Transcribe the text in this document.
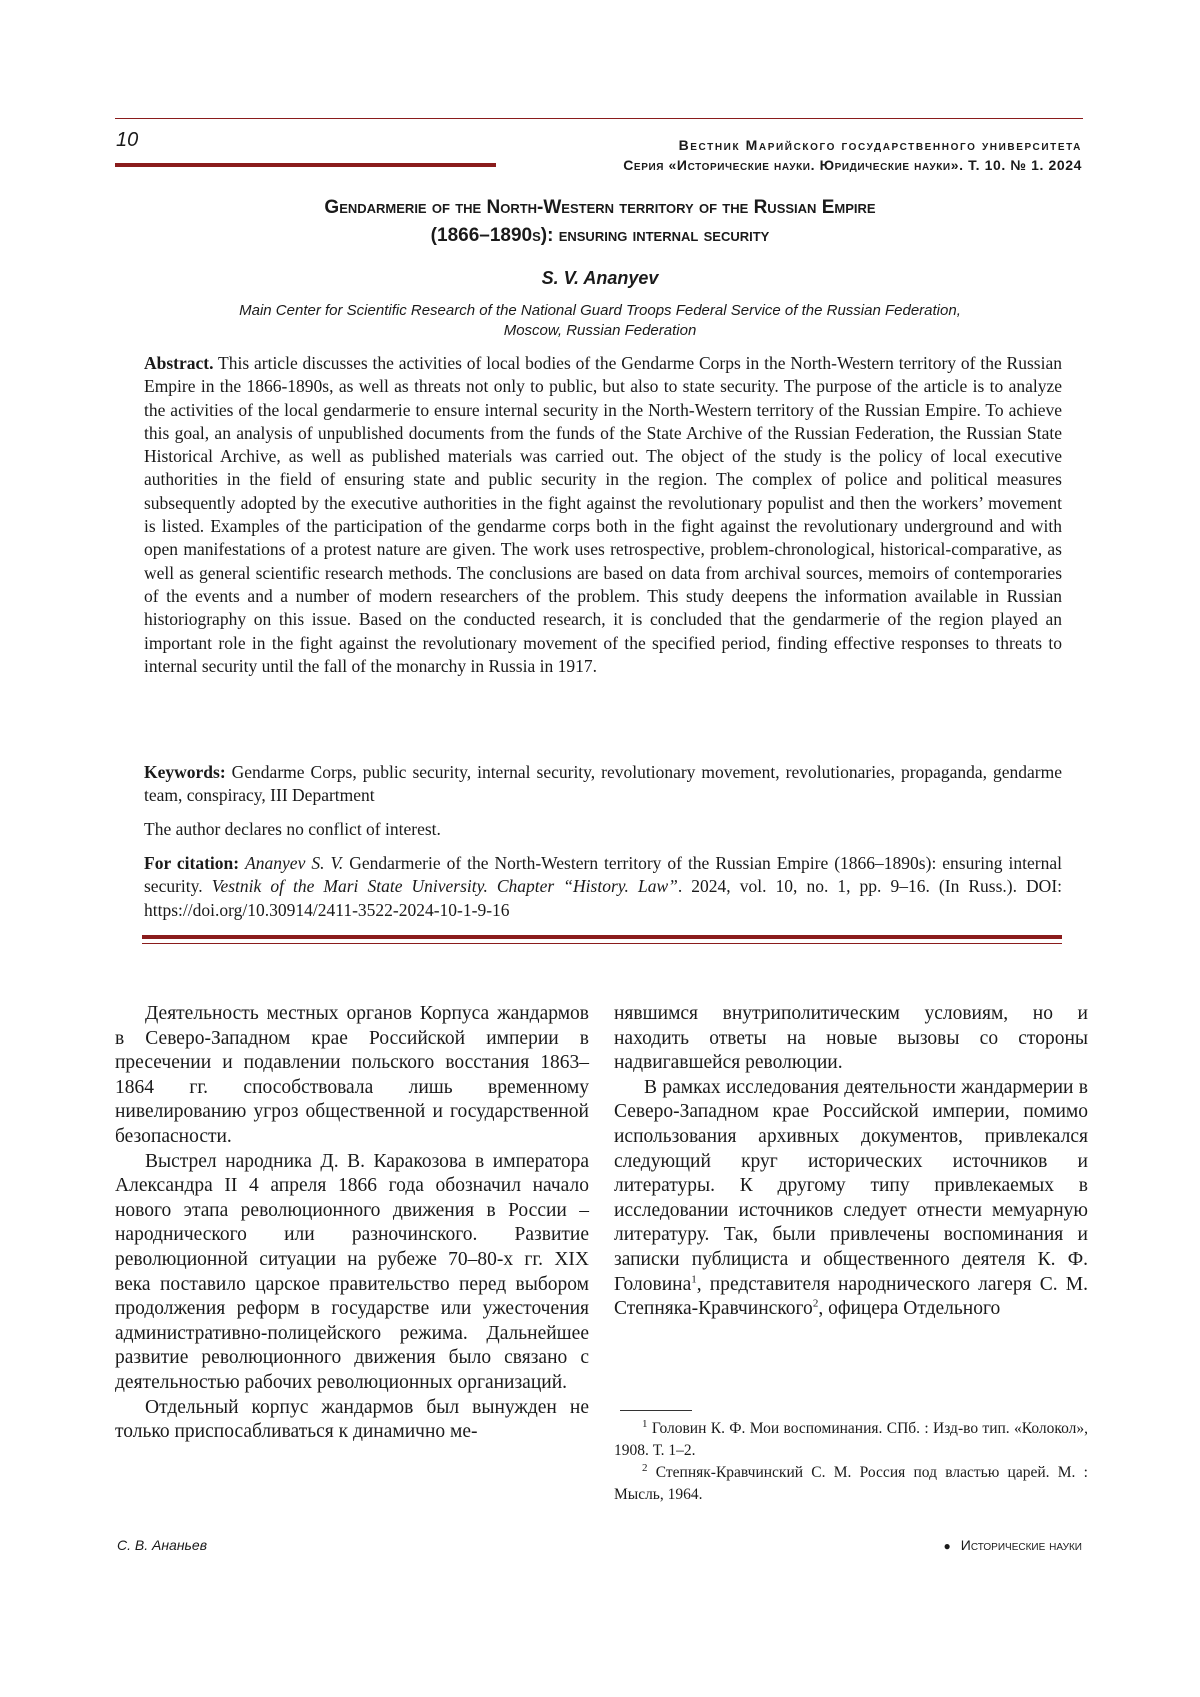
10	Вестник Марийского государственного университета
Серия «Исторические науки. Юридические науки». Т. 10. № 1. 2024
Gendarmerie of the North-Western territory of the Russian Empire
(1866–1890s): ensuring internal security
S. V. Ananyev
Main Center for Scientific Research of the National Guard Troops Federal Service of the Russian Federation,
Moscow, Russian Federation
Abstract. This article discusses the activities of local bodies of the Gendarme Corps in the North-Western territory of the Russian Empire in the 1866-1890s, as well as threats not only to public, but also to state security. The purpose of the article is to analyze the activities of the local gendarmerie to ensure internal security in the North-Western territory of the Russian Empire. To achieve this goal, an analysis of unpublished documents from the funds of the State Archive of the Russian Federation, the Russian State Historical Archive, as well as published materials was carried out. The object of the study is the policy of local executive authorities in the field of ensuring state and public security in the region. The complex of police and political measures subsequently adopted by the executive authorities in the fight against the revolutionary populist and then the workers’ movement is listed. Examples of the participation of the gendarme corps both in the fight against the revolutionary underground and with open manifestations of a protest nature are given. The work uses retrospective, problem-chronological, historical-comparative, as well as general scientific research methods. The conclusions are based on data from archival sources, memoirs of contemporaries of the events and a number of modern researchers of the problem. This study deepens the information available in Russian historiography on this issue. Based on the conducted research, it is concluded that the gendarmerie of the region played an important role in the fight against the revolutionary movement of the specified period, finding effective responses to threats to internal security until the fall of the monarchy in Russia in 1917.
Keywords: Gendarme Corps, public security, internal security, revolutionary movement, revolutionaries, propaganda, gendarme team, conspiracy, III Department
The author declares no conflict of interest.
For citation: Ananyev S. V. Gendarmerie of the North-Western territory of the Russian Empire (1866–1890s): ensuring internal security. Vestnik of the Mari State University. Chapter “History. Law”. 2024, vol. 10, no. 1, pp. 9–16. (In Russ.). DOI: https://doi.org/10.30914/2411-3522-2024-10-1-9-16

Деятельность местных органов Корпуса жандармов в Северо-Западном крае Российской империи в пресечении и подавлении польского восстания 1863–1864 гг. способствовала лишь временному нивелированию угроз общественной и государственной безопасности.

Выстрел народника Д. В. Каракозова в императора Александра II 4 апреля 1866 года обозначил начало нового этапа революционного движения в России – народнического или разночинского. Развитие революционной ситуации на рубеже 70–80-х гг. XIX века поставило царское правительство перед выбором продолжения реформ в государстве или ужесточения административно-полицейского режима. Дальнейшее развитие революционного движения было связано с деятельностью рабочих революционных организаций.

Отдельный корпус жандармов был вынужден не только приспосабливаться к динамично ме-

нявшимся внутриполитическим условиям, но и находить ответы на новые вызовы со стороны надвигавшейся революции.

В рамках исследования деятельности жандармерии в Северо-Западном крае Российской империи, помимо использования архивных документов, привлекался следующий круг исторических источников и литературы. К другому типу привлекаемых в исследовании источников следует отнести мемуарную литературу. Так, были привлечены воспоминания и записки публициста и общественного деятеля К. Ф. Головина$^1$, представителя народнического лагеря С. М. Степняка-Кравчинского$^2$, офицера Отдельного

$^1$ Головин К. Ф. Мои воспоминания. СПб. : Изд-во тип. «Колокол», 1908. Т. 1–2.

$^2$ Степняк-Кравчинский С. М. Россия под властью царей. М. : Мысль, 1964.

С. В. Ананьев	● Исторические науки
